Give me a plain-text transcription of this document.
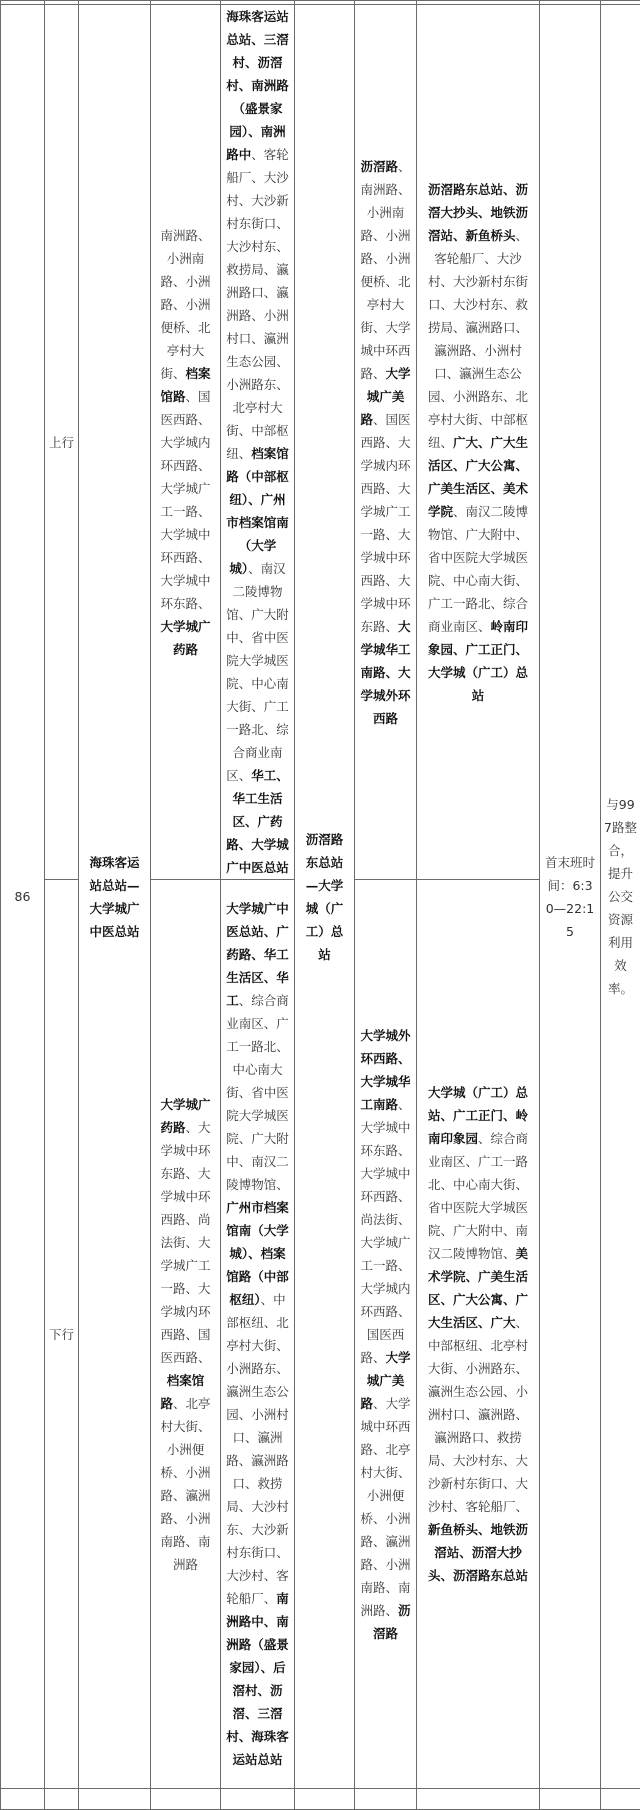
86	上行	海珠客运站总站—大学城广中医总站	南洲路、小洲南路、小洲路、小洲便桥、北亭村大街、档案馆路、国医西路、大学城内环西路、大学城广工一路、大学城中环西路、大学城中环东路、大学城广药路	海珠客运站总站、三滘村、沥滘村、南洲路（盛景家园）、南洲路中、客轮船厂、大沙村、大沙新村东街口、大沙村东、救捞局、瀛洲路口、瀛洲路、小洲村口、瀛洲生态公园、小洲路东、北亭村大街、中部枢纽、档案馆路（中部枢纽）、广州市档案馆南（大学城）、南汉二陵博物馆、广大附中、省中医院大学城医院、中心南大街、广工一路北、综合商业南区、华工、华工生活区、广药路、大学城广中医总站	沥滘路东总站—大学城（广工）总站	沥滘路、南洲路、小洲南路、小洲路、小洲便桥、北亭村大街、大学城中环西路、大学城广美路、国医西路、大学城内环西路、大学城广工一路、大学城中环西路、大学城中环东路、大学城华工南路、大学城外环西路	沥滘路东总站、沥滘大抄头、地铁沥滘站、新鱼桥头、客轮船厂、大沙村、大沙新村东街口、大沙村东、救捞局、瀛洲路口、瀛洲路、小洲村口、瀛洲生态公园、小洲路东、北亭村大街、中部枢纽、广大、广大生活区、广大公寓、广美生活区、美术学院、南汉二陵博物馆、广大附中、省中医院大学城医院、中心南大街、广工一路北、综合商业南区、岭南印象园、广工正门、大学城（广工）总站	首末班时间：6:30—22:15	与997路整合，提升公交资源利用效率。
	下行		大学城广药路、大学城中环东路、大学城中环西路、尚法街、大学城广工一路、大学城内环西路、国医西路、档案馆路、北亭村大街、小洲便桥、小洲路、瀛洲路、小洲南路、南洲路	大学城广中医总站、广药路、华工生活区、华工、综合商业南区、广工一路北、中心南大街、省中医院大学城医院、广大附中、南汉二陵博物馆、广州市档案馆南（大学城）、档案馆路（中部枢纽）、中部枢纽、北亭村大街、小洲路东、瀛洲生态公园、小洲村口、瀛洲路、瀛洲路口、救捞局、大沙村东、大沙新村东街口、大沙村、客轮船厂、南洲路中、南洲路（盛景家园）、后滘村、沥滘、三滘村、海珠客运站总站		大学城外环西路、大学城华工南路、大学城中环东路、大学城中环西路、尚法街、大学城广工一路、大学城内环西路、国医西路、大学城广美路、大学城中环西路、北亭村大街、小洲便桥、小洲路、瀛洲路、小洲南路、南洲路、沥滘路	大学城（广工）总站、广工正门、岭南印象园、综合商业南区、广工一路北、中心南大街、省中医院大学城医院、广大附中、南汉二陵博物馆、美术学院、广美生活区、广大公寓、广大生活区、广大、中部枢纽、北亭村大街、小洲路东、瀛洲生态公园、小洲村口、瀛洲路、瀛洲路口、救捞局、大沙村东、大沙新村东街口、大沙村、客轮船厂、新鱼桥头、地铁沥滘站、沥滘大抄头、沥滘路东总站		
